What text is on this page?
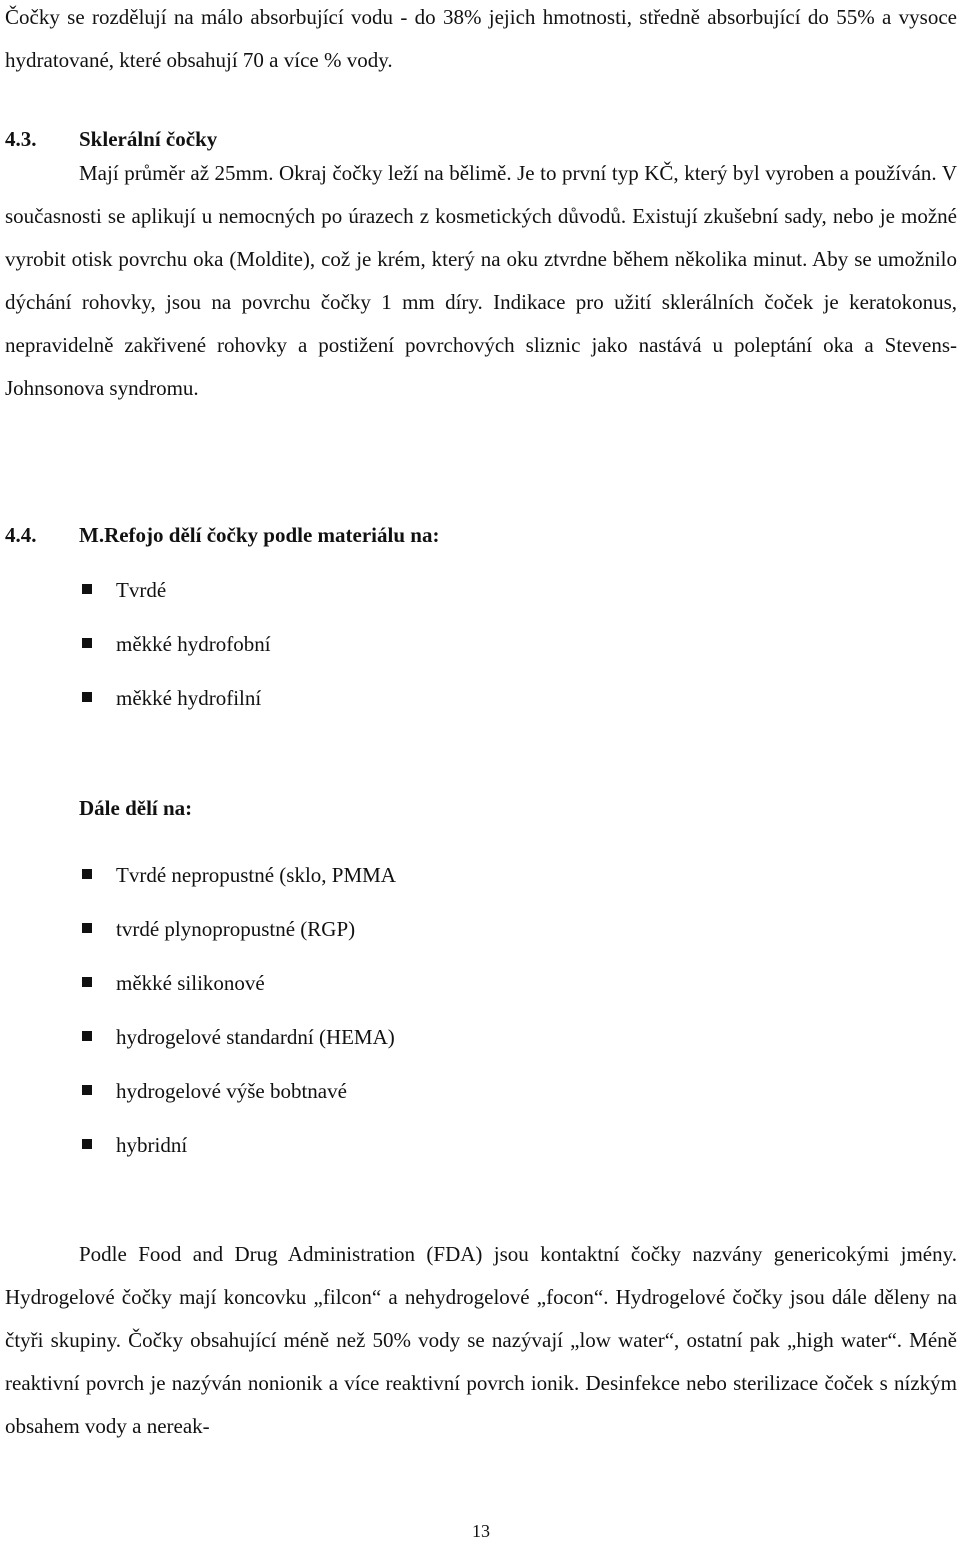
Čočky se rozdělují na málo absorbující vodu - do 38% jejich hmotnosti, středně absorbující do 55% a vysoce hydratované, které obsahují 70 a více % vody.

4.3. Sklerální čočky

Mají průměr až 25mm. Okraj čočky leží na bělimě. Je to první typ KČ, který byl vyroben a používán. V současnosti se aplikují u nemocných po úrazech z kosmetických důvodů. Existují zkušební sady, nebo je možné vyrobit otisk povrchu oka (Moldite), což je krém, který na oku ztvrdne během několika minut. Aby se umožnilo dýchání rohovky, jsou na povrchu čočky 1 mm díry. Indikace pro užití sklerálních čoček je keratokonus, nepravidelně zakřivené rohovky a postižení povrchových sliznic jako nastává u poleptání oka a Stevens- Johnsonova syndromu.

4.4. M.Refojo dělí čočky podle materiálu na:
Tvrdé
měkké hydrofobní
měkké hydrofilní
Dále dělí na:
Tvrdé nepropustné (sklo, PMMA
tvrdé plynopropustné (RGP)
měkké silikonové
hydrogelové standardní (HEMA)
hydrogelové výše bobtnavé
hybridní

Podle Food and Drug Administration (FDA) jsou kontaktní čočky nazvány genericokými jmény. Hydrogelové čočky mají koncovku „filcon“ a nehydrogelové „focon“. Hydrogelové čočky jsou dále děleny na čtyři skupiny. Čočky obsahující méně než 50% vody se nazývají „low water“, ostatní pak „high water“. Méně reaktivní povrch je nazýván nonionik a více reaktivní povrch ionik. Desinfekce nebo sterilizace čoček s nízkým obsahem vody a nereak-

13
